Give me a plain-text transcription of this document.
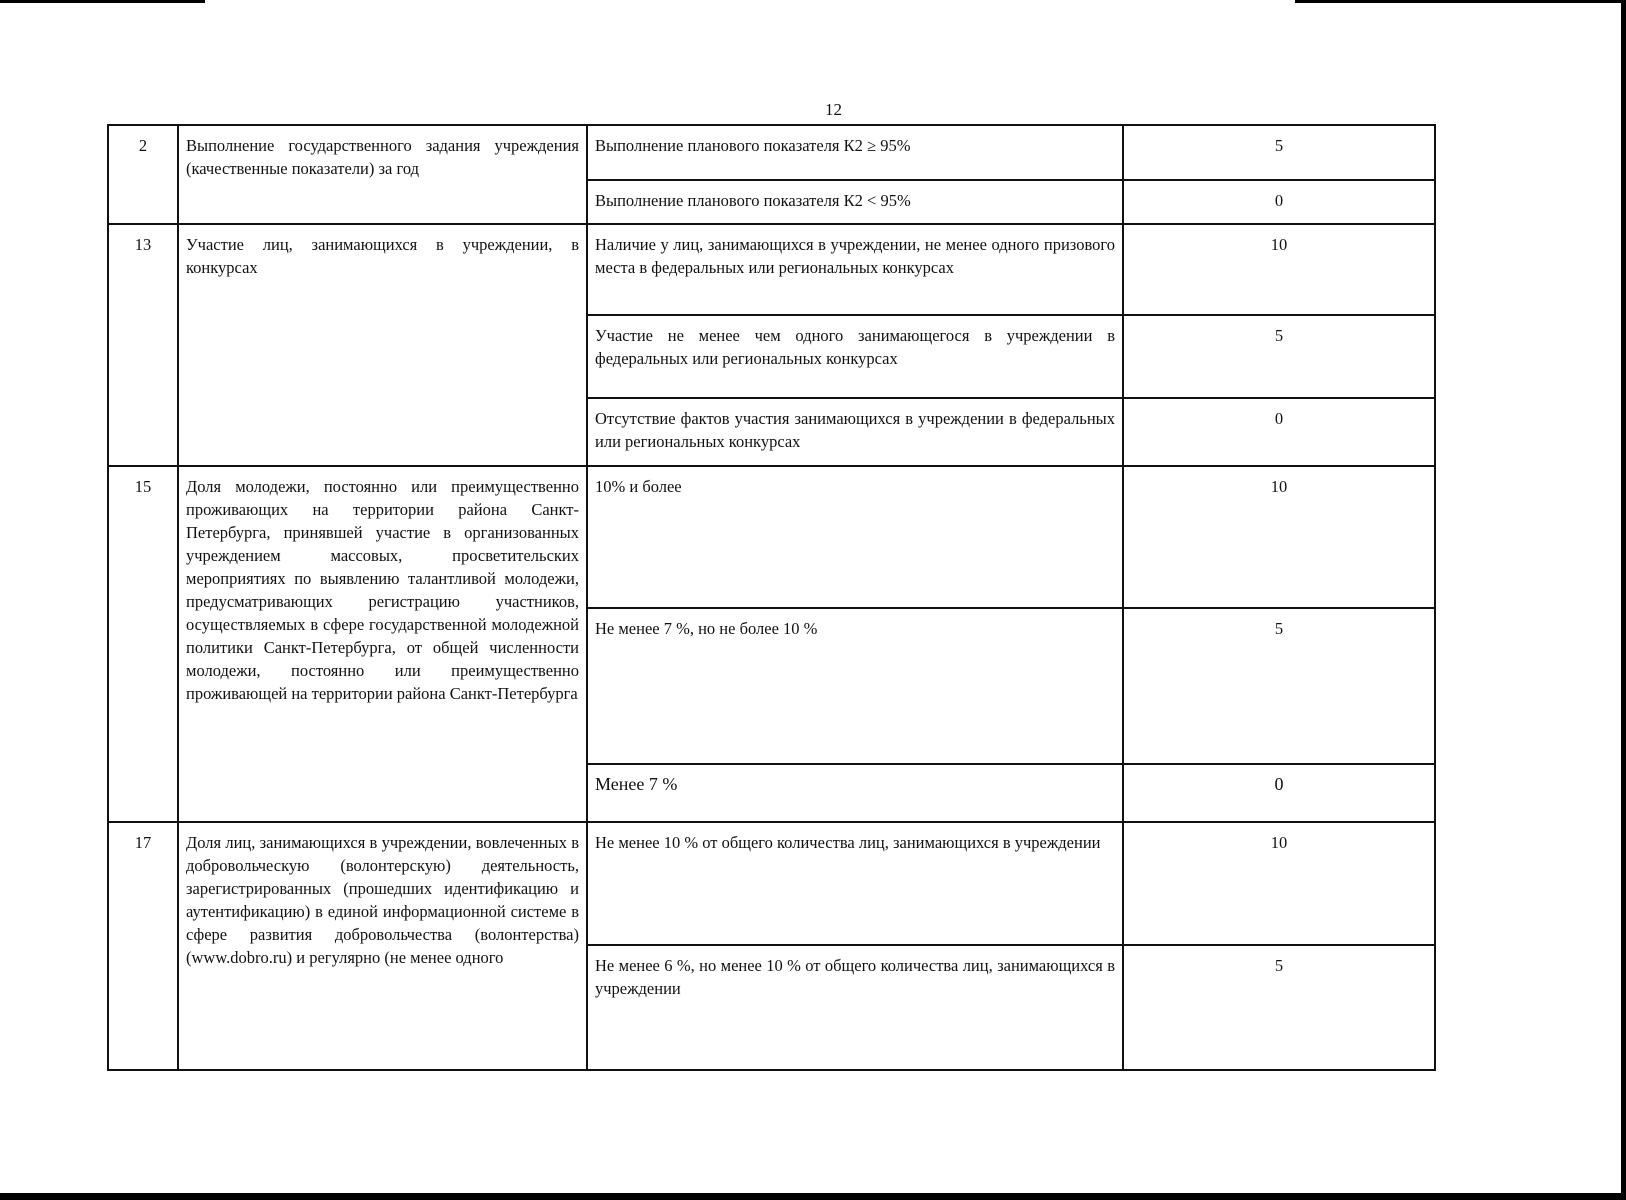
12
2	Выполнение государственного задания учреждения (качественные показатели) за год	Выполнение планового показателя К2 ≥ 95%	5
		Выполнение планового показателя К2 < 95%	0
13	Участие лиц, занимающихся в учреждении, в конкурсах	Наличие у лиц, занимающихся в учреждении, не менее одного призового места в федеральных или региональных конкурсах	10
		Участие не менее чем одного занимающегося в учреждении в федеральных или региональных конкурсах	5
		Отсутствие фактов участия занимающихся в учреждении в федеральных или региональных конкурсах	0
15	Доля молодежи, постоянно или преимущественно проживающих на территории района Санкт-Петербурга, принявшей участие в организованных учреждением массовых, просветительских мероприятиях по выявлению талантливой молодежи, предусматривающих регистрацию участников, осуществляемых в сфере государственной молодежной политики Санкт-Петербурга, от общей численности молодежи, постоянно или преимущественно проживающей на территории района Санкт-Петербурга	10% и более	10
		Не менее 7 %, но не более 10 %	5
		Менее 7 %	0
17	Доля лиц, занимающихся в учреждении, вовлеченных в добровольческую (волонтерскую) деятельность, зарегистрированных (прошедших идентификацию и аутентификацию) в единой информационной системе в сфере развития добровольчества (волонтерства) (www.dobro.ru) и регулярно (не менее одного	Не менее 10 % от общего количества лиц, занимающихся в учреждении	10
		Не менее 6 %, но менее 10 % от общего количества лиц, занимающихся в учреждении	5
